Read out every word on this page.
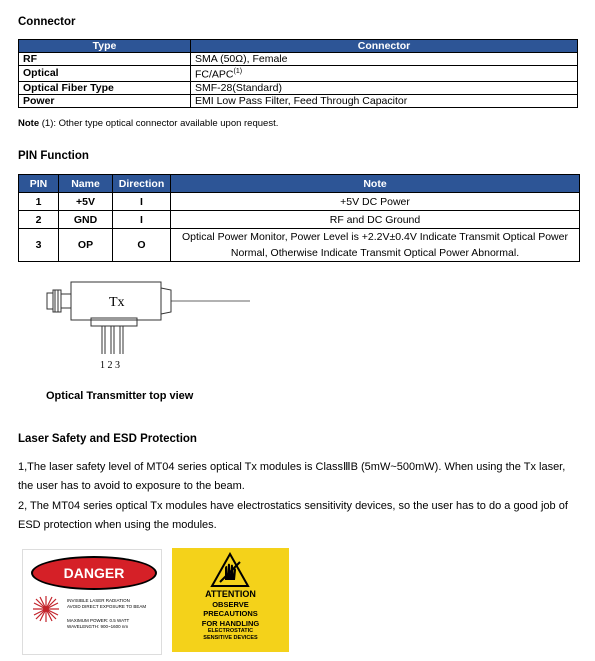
Connector
Type	Connector
RF	SMA (50Ω), Female
Optical	FC/APC$^{(1)}$
Optical Fiber Type	SMF-28(Standard)
Power	EMI Low Pass Filter, Feed Through Capacitor
Note (1): Other type optical connector available upon request.
PIN Function
PIN	Name	Direction	Note
1	+5V	I	+5V DC Power
2	GND	I	RF and DC Ground
3	OP	O	Optical Power Monitor, Power Level is +2.2V±0.4V Indicate Transmit Optical Power Normal, Otherwise Indicate Transmit Optical Power Abnormal.
Tx
1 2 3
Optical Transmitter top view
Laser Safety and ESD Protection
1,The laser safety level of MT04 series optical Tx modules is ClassⅢB (5mW~500mW). When using the Tx laser, the user has to avoid to exposure to the beam.
2, The MT04 series optical Tx modules have electrostatics sensitivity devices, so the user has to do a good job of ESD protection when using the modules.
DANGER
INVISIBLE LASER RADIATION
AVOID DIRECT EXPOSURE TO BEAM
MAXIMUM POWER: 0.5 WATT
WAVELENGTH: 900~1600 nm
ATTENTION
OBSERVE
PRECAUTIONS
FOR HANDLING
ELECTROSTATIC
SENSITIVE DEVICES
